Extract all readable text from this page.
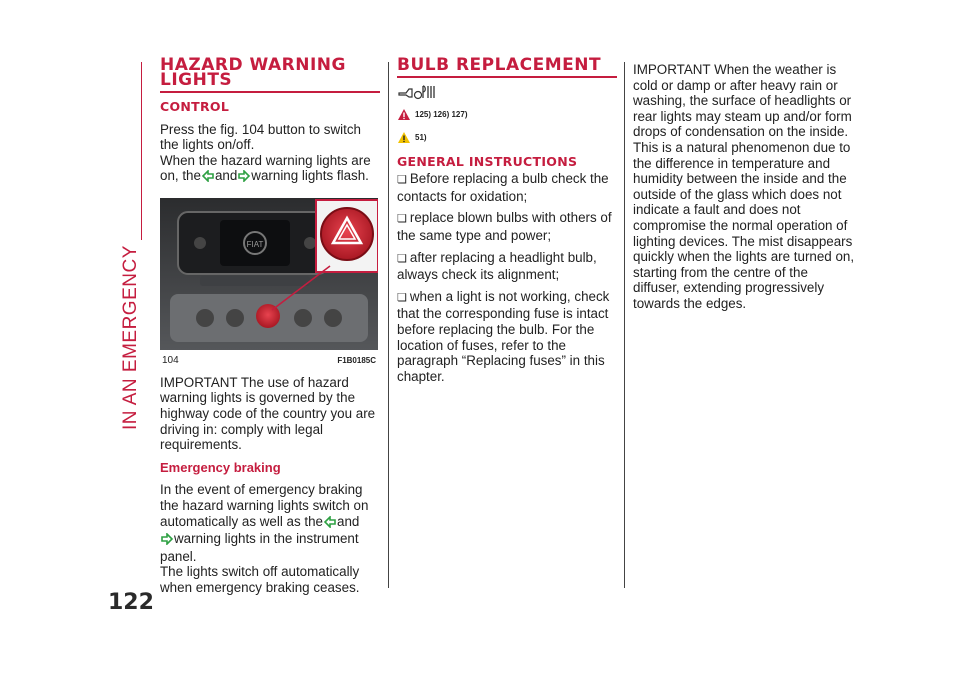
IN AN EMERGENCY
122
HAZARD WARNING LIGHTS
CONTROL

Press the fig. 104 button to switch the lights on/off.

When the hazard warning lights are on, the and warning lights flash.

FIAT
104	F1B0185C

IMPORTANT The use of hazard warning lights is governed by the highway code of the country you are driving in: comply with legal requirements.

Emergency braking

In the event of emergency braking the hazard warning lights switch on automatically as well as the and
warning lights in the instrument panel.

The lights switch off automatically when emergency braking ceases.

BULB REPLACEMENT
125) 126) 127)
51)
GENERAL INSTRUCTIONS
❏ Before replacing a bulb check the contacts for oxidation;
❏ replace blown bulbs with others of the same type and power;
❏ after replacing a headlight bulb, always check its alignment;
❏ when a light is not working, check that the corresponding fuse is intact before replacing the bulb. For the location of fuses, refer to the paragraph “Replacing fuses” in this chapter.

IMPORTANT When the weather is cold or damp or after heavy rain or washing, the surface of headlights or rear lights may steam up and/or form drops of condensation on the inside. This is a natural phenomenon due to the difference in temperature and humidity between the inside and the outside of the glass which does not indicate a fault and does not compromise the normal operation of lighting devices. The mist disappears quickly when the lights are turned on, starting from the centre of the diffuser, extending progressively towards the edges.
